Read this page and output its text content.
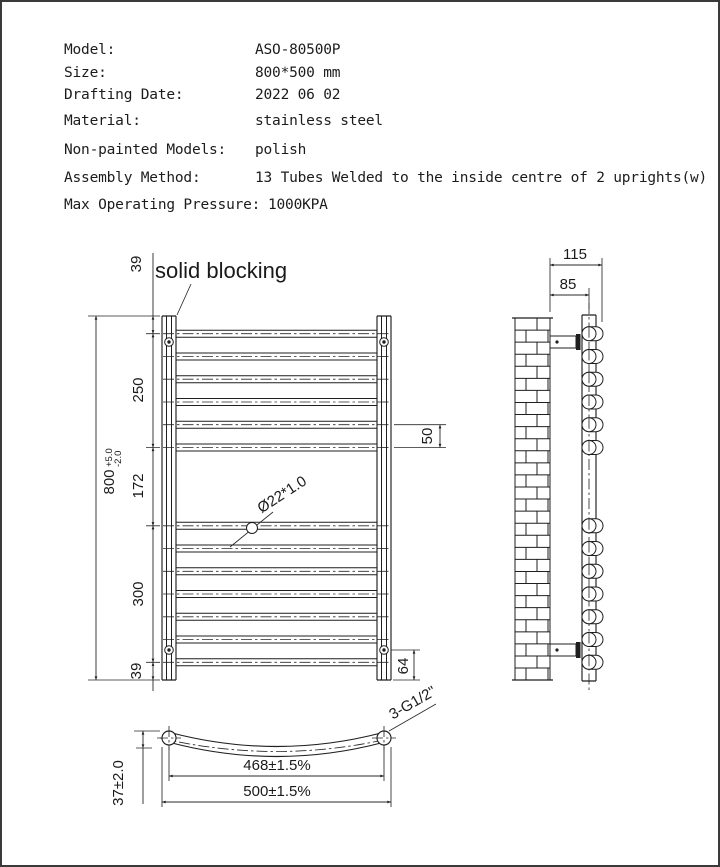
Model:	ASO-80500P
Size:	800*500 mm
Drafting Date:	2022 06 02
Material:	stainless steel
Non-painted Models: polish
Assembly Method:	13 Tubes Welded to the inside centre of 2 uprights(w)
Max Operating Pressure: 1000KPA
solid blocking
Ø22*1.0
39
250
172
300
39
800
+5.0
-2.0
50
64
115
85
3-G1/2"
468±1.5%
500±1.5%
37±2.0
